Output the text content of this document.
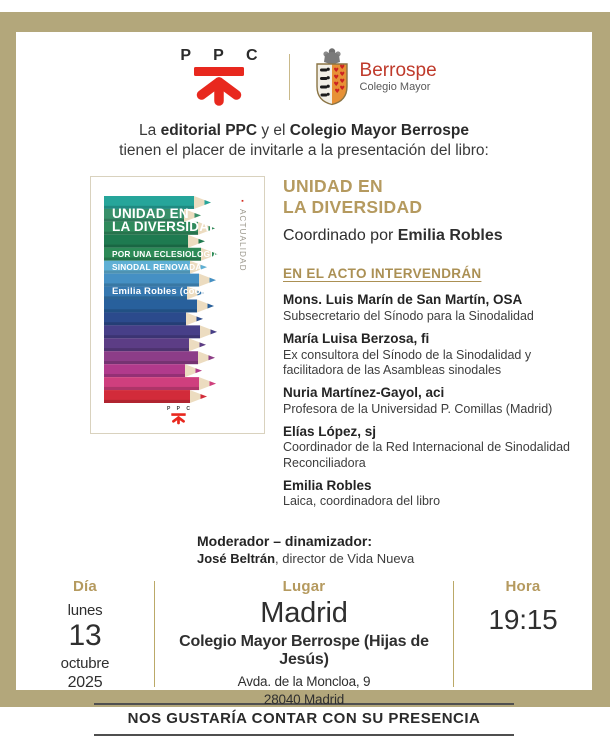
P P C
♥ ♥
♥ ♥
♥ ♥
♥ ♥
Berrospe
Colegio Mayor
La editorial PPC y el Colegio Mayor Berrospe
tienen el placer de invitarle a la presentación del libro:
UNIDAD EN
LA DIVERSIDAD
POR UNA ECLESIOLOGÍA
SINODAL RENOVADA
Emilia Robles (coord.)
▪
ACTUALIDAD
P P C
UNIDAD EN
LA DIVERSIDAD
Coordinado por Emilia Robles
EN EL ACTO INTERVENDRÁN
Mons. Luis Marín de San Martín, OSA
Subsecretario del Sínodo para la Sinodalidad
María Luisa Berzosa, fi
Ex consultora del Sínodo de la Sinodalidad y facilitadora de las Asambleas sinodales
Nuria Martínez-Gayol, aci
Profesora de la Universidad P. Comillas (Madrid)
Elías López, sj
Coordinador de la Red Internacional de Sinodalidad Reconciliadora
Emilia Robles
Laica, coordinadora del libro
Moderador – dinamizador:
José Beltrán, director de Vida Nueva
Día
lunes
13
octubre
2025
Lugar
Madrid
Colegio Mayor Berrospe (Hijas de Jesús)
Avda. de la Moncloa, 9
28040 Madrid
Hora
19:15
NOS GUSTARÍA CONTAR CON SU PRESENCIA
